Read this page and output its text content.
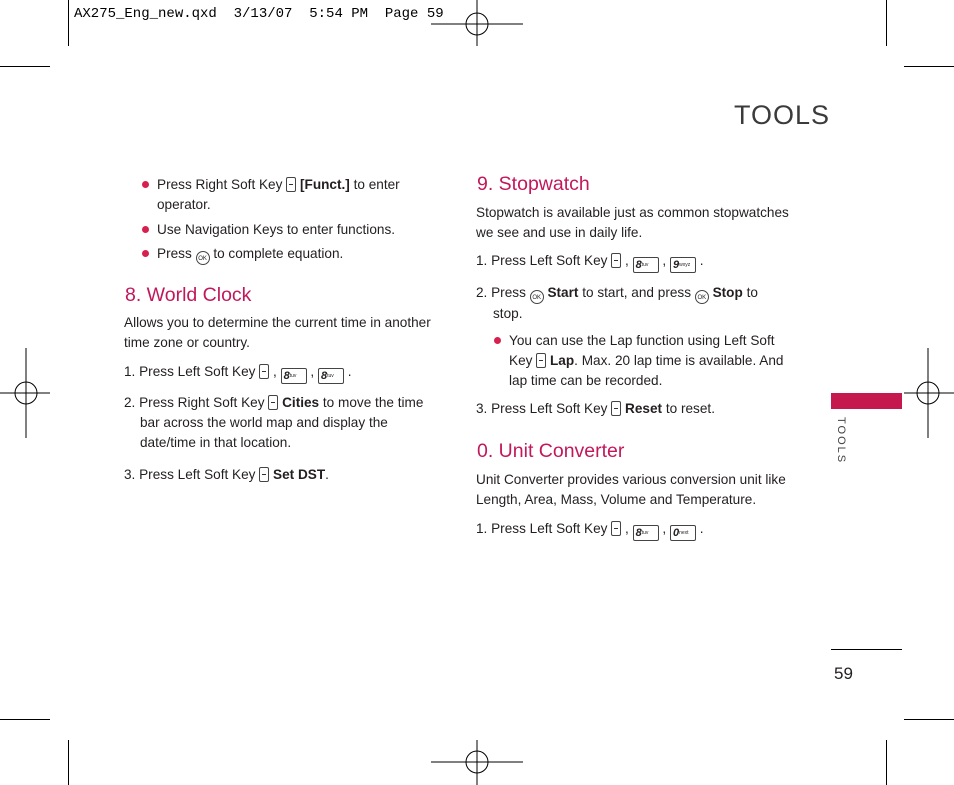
AX275_Eng_new.qxd  3/13/07  5:54 PM  Page 59
TOOLS
Press Right Soft Key [Funct.] to enter
operator.
Use Navigation Keys to enter functions.
Press OK to complete equation.
8. World Clock
Allows you to determine the current time in another
time zone or country.
1. Press Left Soft Key  , 8tuv , 8tuv .
2. Press Right Soft Key Cities to move the time
bar across the world map and display the
date/time in that location.
3. Press Left Soft Key Set DST.
9. Stopwatch
Stopwatch is available just as common stopwatches
we see and use in daily life.
1. Press Left Soft Key  , 8tuv , 9wxyz .
2. Press OK Start to start, and press OK Stop to
stop.
You can use the Lap function using Left Soft
Key Lap. Max. 20 lap time is available. And
lap time can be recorded.
3. Press Left Soft Key Reset to reset.
0. Unit Converter
Unit Converter provides various conversion unit like
Length, Area, Mass, Volume and Temperature.
1. Press Left Soft Key  , 8tuv , 0next .
TOOLS
59
